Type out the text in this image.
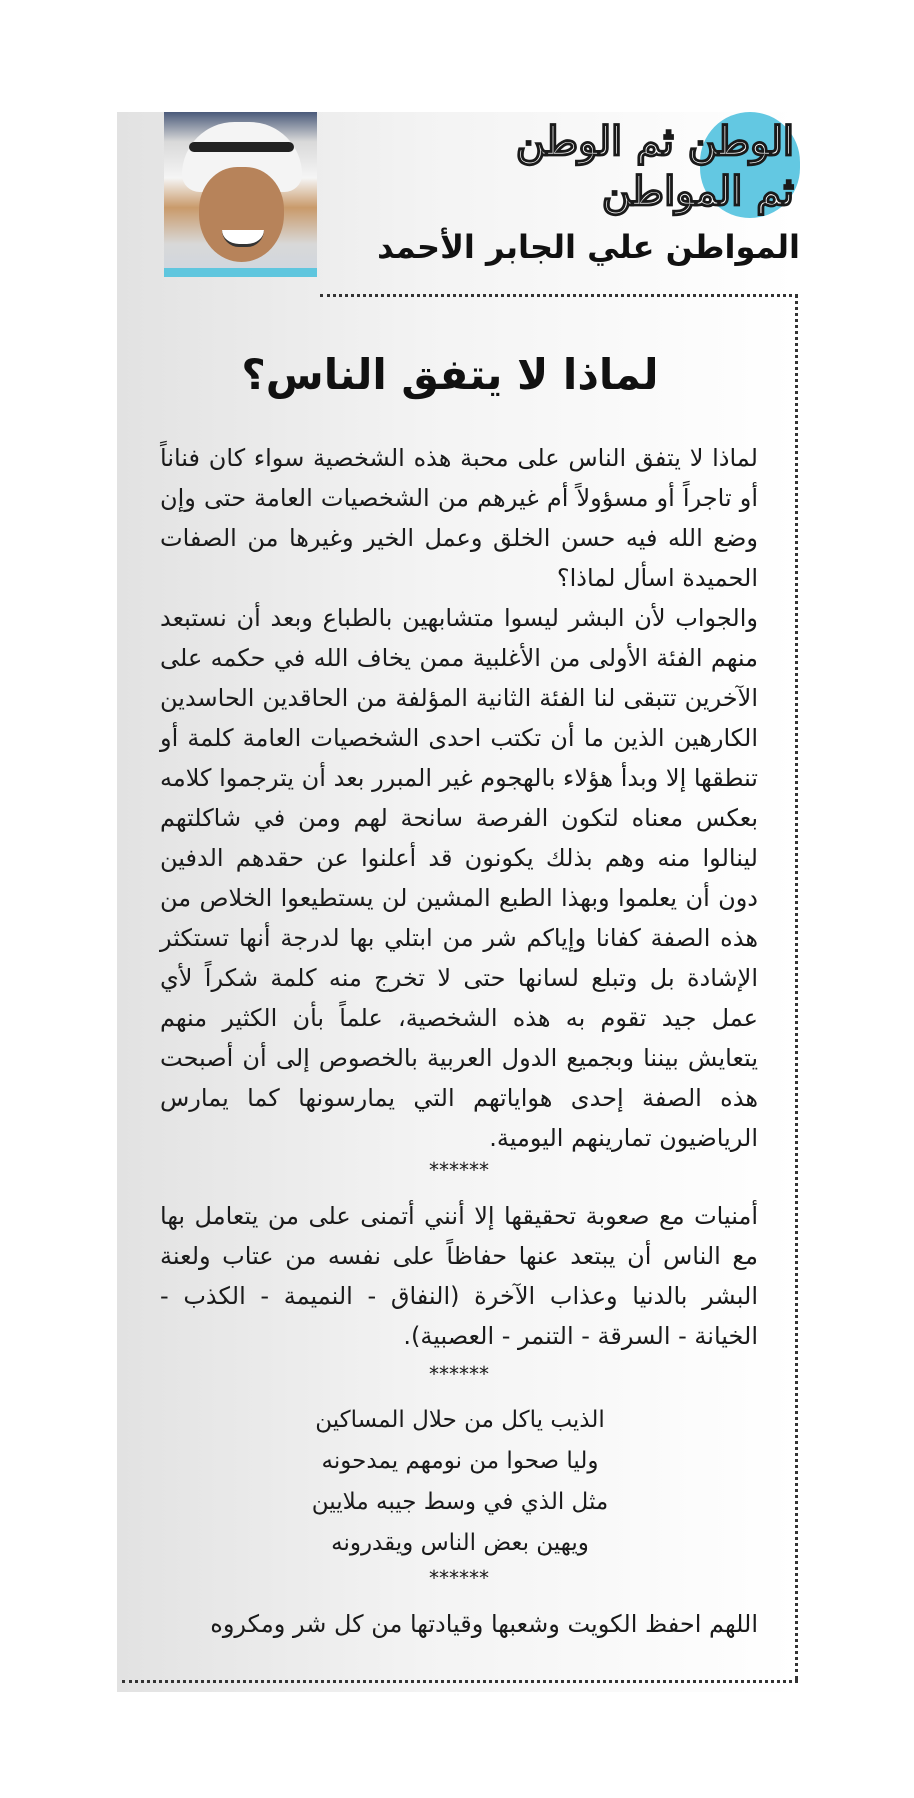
الوطن ثم الوطن
ثم المواطن
المواطن علي الجابر الأحمد
لماذا لا يتفق الناس؟
لماذا لا يتفق الناس على محبة هذه الشخصية سواء كان فناناً أو تاجراً أو مسؤولاً أم غيرهم من الشخصيات العامة حتى وإن وضع الله فيه حسن الخلق وعمل الخير وغيرها من الصفات الحميدة اسأل لماذا؟
والجواب لأن البشر ليسوا متشابهين بالطباع وبعد أن نستبعد منهم الفئة الأولى من الأغلبية ممن يخاف الله في حكمه على الآخرين تتبقى لنا الفئة الثانية المؤلفة من الحاقدين الحاسدين الكارهين الذين ما أن تكتب احدى الشخصيات العامة كلمة أو تنطقها إلا وبدأ هؤلاء بالهجوم غير المبرر بعد أن يترجموا كلامه بعكس معناه لتكون الفرصة سانحة لهم ومن في شاكلتهم لينالوا منه وهم بذلك يكونون قد أعلنوا عن حقدهم الدفين دون أن يعلموا وبهذا الطبع المشين لن يستطيعوا الخلاص من هذه الصفة كفانا وإياكم شر من ابتلي بها لدرجة أنها تستكثر الإشادة بل وتبلع لسانها حتى لا تخرج منه كلمة شكراً لأي عمل جيد تقوم به هذه الشخصية، علماً بأن الكثير منهم يتعايش بيننا وبجميع الدول العربية بالخصوص إلى أن أصبحت هذه الصفة إحدى هواياتهم التي يمارسونها كما يمارس الرياضيون تمارينهم اليومية.
******
أمنيات مع صعوبة تحقيقها إلا أنني أتمنى على من يتعامل بها مع الناس أن يبتعد عنها حفاظاً على نفسه من عتاب ولعنة البشر بالدنيا وعذاب الآخرة (النفاق - النميمة - الكذب - الخيانة - السرقة - التنمر - العصبية).
******
الذيب ياكل من حلال المساكين
وليا صحوا من نومهم يمدحونه
مثل الذي في وسط جيبه ملايين
ويهين بعض الناس ويقدرونه
******
اللهم احفظ الكويت وشعبها وقيادتها من كل شر ومكروه
